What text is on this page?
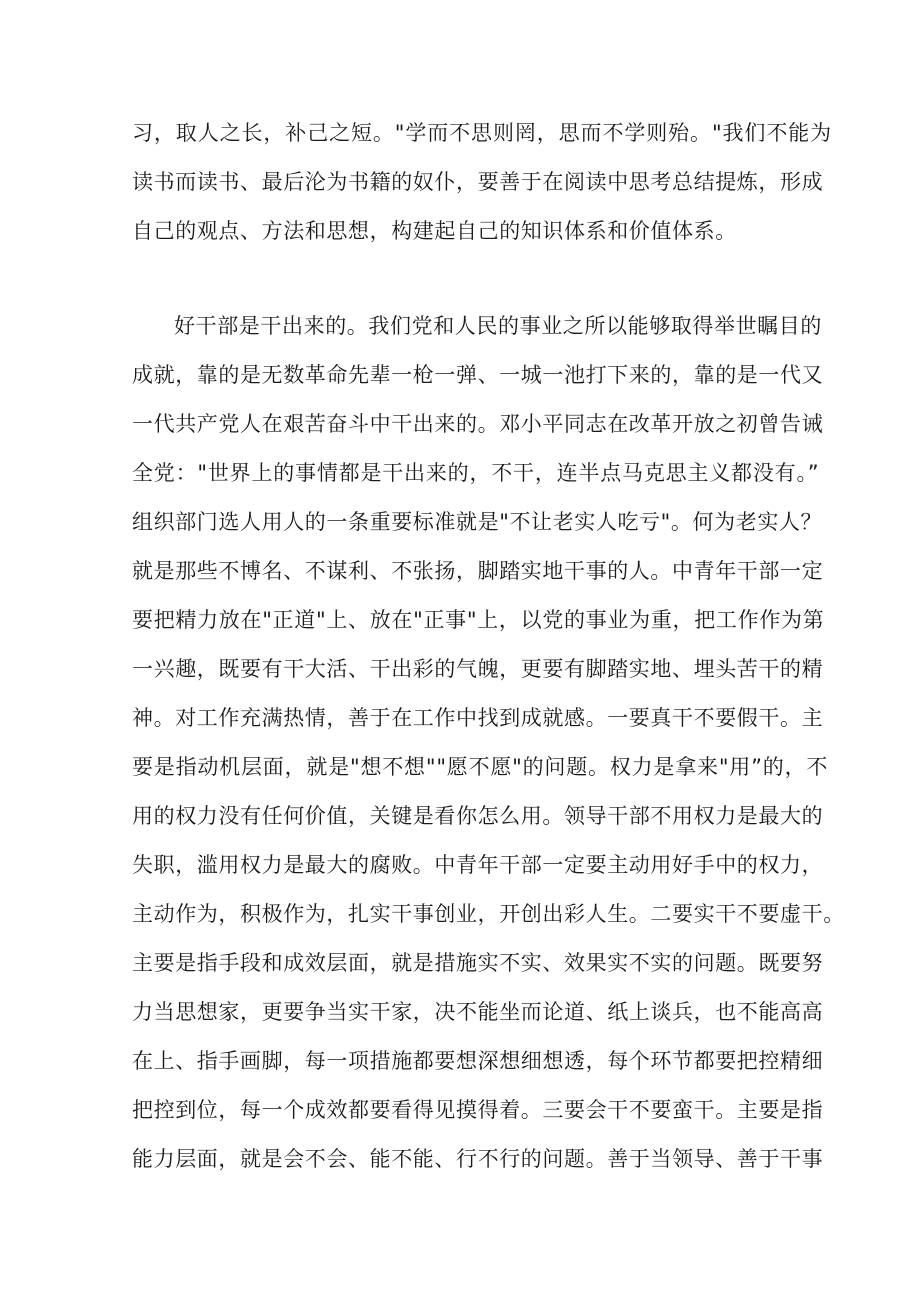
习，取人之长，补己之短。"学而不思则罔，思而不学则殆。"我们不能为
读书而读书、最后沦为书籍的奴仆，要善于在阅读中思考总结提炼，形成
自己的观点、方法和思想，构建起自己的知识体系和价值体系。
好干部是干出来的。我们党和人民的事业之所以能够取得举世瞩目的
成就，靠的是无数革命先辈一枪一弹、一城一池打下来的，靠的是一代又
一代共产党人在艰苦奋斗中干出来的。邓小平同志在改革开放之初曾告诫
全党："世界上的事情都是干出来的，不干，连半点马克思主义都没有。”
组织部门选人用人的一条重要标准就是"不让老实人吃亏"。何为老实人？
就是那些不博名、不谋利、不张扬，脚踏实地干事的人。中青年干部一定
要把精力放在"正道"上、放在"正事"上，以党的事业为重，把工作作为第
一兴趣，既要有干大活、干出彩的气魄，更要有脚踏实地、埋头苦干的精
神。对工作充满热情，善于在工作中找到成就感。一要真干不要假干。主
要是指动机层面，就是"想不想""愿不愿"的问题。权力是拿来"用”的，不
用的权力没有任何价值，关键是看你怎么用。领导干部不用权力是最大的
失职，滥用权力是最大的腐败。中青年干部一定要主动用好手中的权力，
主动作为，积极作为，扎实干事创业，开创出彩人生。二要实干不要虚干。
主要是指手段和成效层面，就是措施实不实、效果实不实的问题。既要努
力当思想家，更要争当实干家，决不能坐而论道、纸上谈兵，也不能高高
在上、指手画脚，每一项措施都要想深想细想透，每个环节都要把控精细
把控到位，每一个成效都要看得见摸得着。三要会干不要蛮干。主要是指
能力层面，就是会不会、能不能、行不行的问题。善于当领导、善于干事
